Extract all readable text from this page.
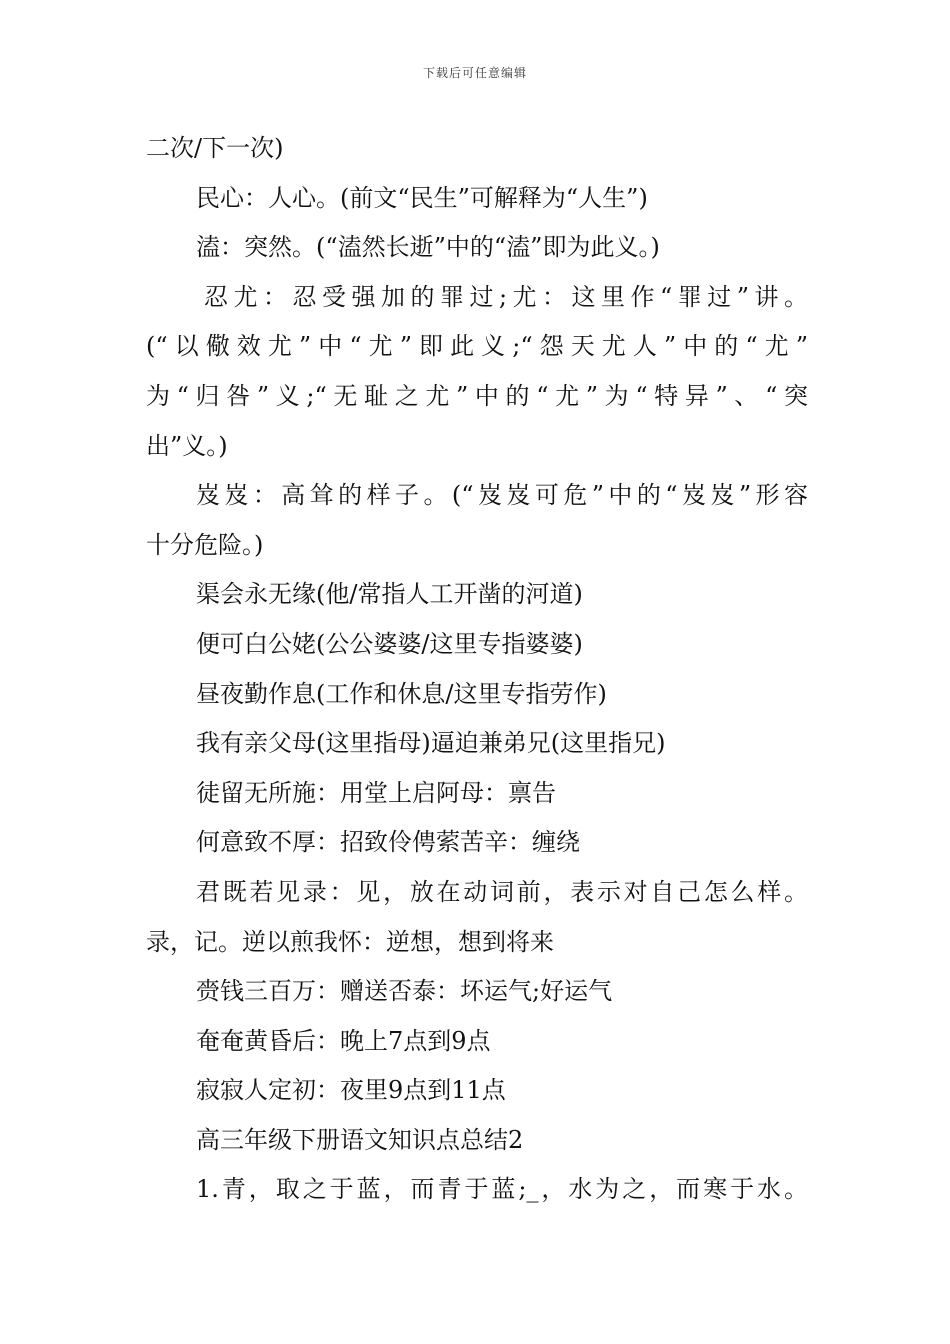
下载后可任意编辑
二次/下一次)
民心：人心。(前文“民生”可解释为“人生”)
溘：突然。(“溘然长逝”中的“溘”即为此义。)
忍尤：忍受强加的罪过;尤：这里作“罪过”讲。
(“以儆效尤”中“尤”即此义;“怨天尤人”中的“尤”
为“归咎”义;“无耻之尤”中的“尤”为“特异”、“突
出”义。)
岌岌：高耸的样子。(“岌岌可危”中的“岌岌”形容
十分危险。)
渠会永无缘(他/常指人工开凿的河道)
便可白公姥(公公婆婆/这里专指婆婆)
昼夜勤作息(工作和休息/这里专指劳作)
我有亲父母(这里指母)逼迫兼弟兄(这里指兄)
徒留无所施：用堂上启阿母：禀告
何意致不厚：招致伶俜萦苦辛：缠绕
君既若见录：见，放在动词前，表示对自己怎么样。
录，记。逆以煎我怀：逆想，想到将来
赍钱三百万：赠送否泰：坏运气;好运气
奄奄黄昏后：晚上7点到9点
寂寂人定初：夜里9点到11点
高三年级下册语文知识点总结2
1.青，取之于蓝，而青于蓝;_，水为之，而寒于水。
